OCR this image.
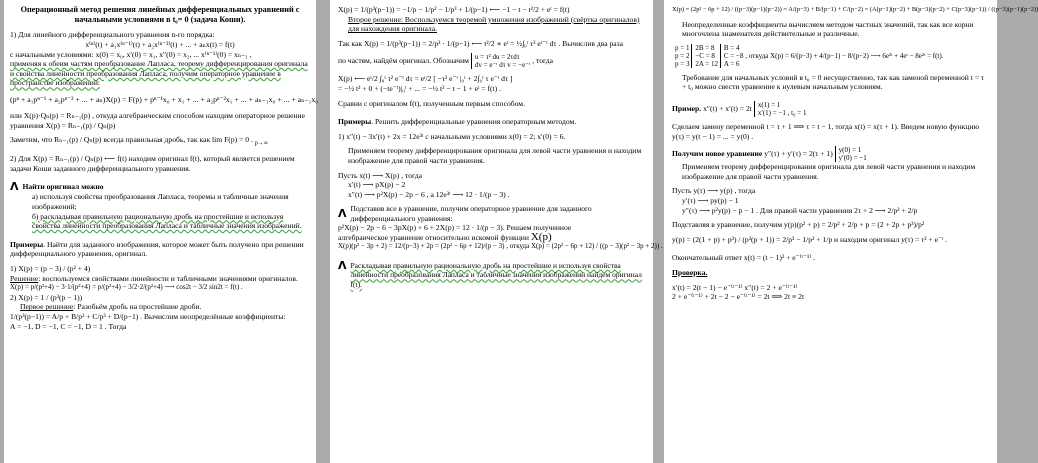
Операционный метод решения линейных дифференциальных уравнений с начальными условиями в t₀= 0 (задача Коши).

1) Для линейного дифференциального уравнения n-го порядка:

x⁽ⁿ⁾(t) + a₁x⁽ⁿ⁻¹⁾(t) + a₂x⁽ⁿ⁻²⁾(t) + ... + aₙx(t) = f(t)

с начальными условиями: x(0) = x₀, x′(0) = x₁, x″(0) = x₂, ... x⁽ⁿ⁻¹⁾(0) = xₙ₋₁ ,

применяя к обеим частям преобразование Лапласа, теорему дифференцирования оригинала и свойства линейности преобразования Лапласа, получим операторное уравнение в пространстве изображений:

(pⁿ + a₁pⁿ⁻¹ + a₂pⁿ⁻² + ... + aₙ)X(p) = F(p) + pⁿ⁻¹x₀ + x₁ + ... + a₂pⁿ⁻²x₁ + ... + aₙ₋₁x₀ + ... + aₙ₋₁x₀

или X(p)·Qₙ(p) = Rₙ₋₁(p) , откуда алгебраическим способом находим операторное решение уравнения X(p) = Rₙ₋₁(p) / Qₙ(p)

Заметим, что Rₙ₋₁(p) / Qₙ(p) всегда правильная дробь, так как lim F(p) = 0 . $_{p\to\infty}$

2) Для X(p) = Rₙ₋₁(p) / Qₙ(p) ⟵ f(t) находим оригинал f(t), который является решением задачи Коши заданного дифференциального уравнения.

Λ Найти оригинал можно

a) используя свойства преобразования Лапласа, теоремы и табличные значения изображений;

б) раскладывая правильную рациональную дробь на простейшие и используя свойства линейности преобразования Лапласа и табличные значения изображений.

Примеры. Найти для заданного изображения, которое может быть получено при решении дифференциального уравнения, оригинал.

1) X(p) = (p − 3) / (p² + 4)

Решение: воспользуемся свойствами линейности и табличными значениями оригиналов.

X(p) = p/(p²+4) − 3·1/(p²+4) = p/(p²+4) − 3/2·2/(p²+4) ⟶ cos2t − 3/2 sin2t = f(t) .

2) X(p) = 1 / (p³(p − 1))

Первое решение: Разобьём дробь на простейшие дроби.

1/(p³(p−1)) = A/p + B/p² + C/p³ + D/(p−1) . Вычислим неопределённые коэффициенты:

A = −1, D = −1, C = −1, D = 1 . Тогда

X(p) = 1/(p³(p−1)) = −1/p − 1/p² − 1/p³ + 1/(p−1) ⟵ −1 − t − t²/2 + eᵗ = f(t)

Второе решение: Воспользуемся теоремой умножения изображений (свёртка оригиналов) для нахождения оригинала.

Так как X(p) = 1/(p³(p−1)) = 2/p³ · 1/(p−1) ⟵ t²/2 ∗ eᵗ = ½∫₀ᵗ τ² eᵗ⁻ᵗ dτ . Вычислив два раза

по частям, найдём оригинал. Обозначим u = τ² du = 2τdτ
dv = e⁻ᵗ dτ v = −e⁻ᵗ , тогда

X(p) ⟵ eᵗ/2 ∫₀ᵗ τ² e⁻ᵗ dτ = eᵗ/2 [ −τ² e⁻ᵗ |₀ᵗ + 2∫₀ᵗ τ e⁻ᵗ dτ ]

= −½ t² + 0 + (−te⁻ᵗ)|₀ᵗ + ... = −½ t² − t − 1 + eᵗ = f(t) .

Сравни с оригиналом f(t), полученным первым способом.

Примеры. Решить дифференциальные уравнения операторным методом.

1) x″(t) − 3x′(t) + 2x = 12e³ᵗ с начальными условиями x(0) = 2; x′(0) = 6.

Применяем теорему дифференцирования оригинала для левой части уравнения и находим изображение для правой части уравнения.

Пусть x(t) ⟶ X(p) , тогда

x′(t) ⟶ pX(p) − 2

x″(t) ⟶ p²X(p) − 2p − 6 , а 12e³ᵗ ⟶ 12 · 1/(p − 3) .

Λ Подставив все в уравнение, получим операторное уравнение для заданного дифференциального уравнения:

p²X(p) − 2p − 6 − 3pX(p) + 6 + 2X(p) = 12 · 1/(p − 3). Решаем полученное

алгебраическое уравнение относительно искомой функции X(p)

X(p)(p² − 3p + 2) = 12/(p−3) + 2p = (2p² − 6p + 12)/(p − 3) , откуда X(p) = (2p² − 6p + 12) / ((p − 3)(p² − 3p + 2)) .

Λ Раскладывая правильную рациональную дробь на простейшие и используя свойства линейности преобразования Лапласа и табличные значения изображений найдем оригинал f(t).

X(p) = (2p² − 6p + 12) / ((p−3)(p−1)(p−2)) = A/(p−3) + B/(p−1) + C/(p−2) = (A(p−1)(p−2) + B(p−3)(p−2) + C(p−3)(p−1)) / ((p−3)(p−1)(p−2))

Неопределенные коэффициенты вычисляем методом частных значений, так как все корни многочлена знаменателя действительные и различные.

p = 1
p = 2
p = 3 2B = 8
−C = 8
2A = 12 B = 4
C = −8 ,
A = 6 откуда X(p) = 6/(p−3) + 4/(p−1) − 8/(p−2) ⟶ 6e³ᵗ + 4eᵗ − 8e²ᵗ = f(t).

Требование для начальных условий в t₀ = 0 несущественно, так как заменой переменной t = τ + t₀ можно свести уравнение к нулевым начальным условиям.

Пример. x″(t) + x′(t) = 2t x(1) = 1
x′(1) = −1 , t₀ = 1

Сделаем замену переменной t = τ + 1 ⟹ τ = t − 1, тогда x(t) = x(τ + 1). Введем новую функцию y(τ) = y(t − 1) = ... = y(0) .

Получим новое уравнение y″(τ) + y′(τ) = 2(τ + 1) y(0) = 1
y′(0) = −1

Применяем теорему дифференцирования оригинала для левой части уравнения и находим изображение для правой части уравнения.

Пусть y(τ) ⟶ y(p) , тогда

y′(τ) ⟶ py(p) − 1

y″(τ) ⟶ p²y(p) − p − 1 . Для правой части уравнения 2τ + 2 ⟶ 2/p² + 2/p

Подставляя в уравнение, получим y(p)(p² + p) = 2/p² + 2/p + p = (2 + 2p + p³)/p²

y(p) = (2(1 + p) + p³) / (p³(p + 1)) = 2/p³ − 1/p² + 1/p и находим оригинал y(τ) = τ² + e⁻ᵗ .

Окончательный ответ x(t) = (t − 1)² + e⁻⁽ᵗ⁻¹⁾ .

Проверка.

x′(t) = 2(t − 1) − e⁻⁽ᵗ⁻¹⁾ x″(t) = 2 + e⁻⁽ᵗ⁻¹⁾

2 + e⁻⁽ᵗ⁻¹⁾ + 2t − 2 − e⁻⁽ᵗ⁻¹⁾ = 2t ⟹ 2t ≡ 2t
